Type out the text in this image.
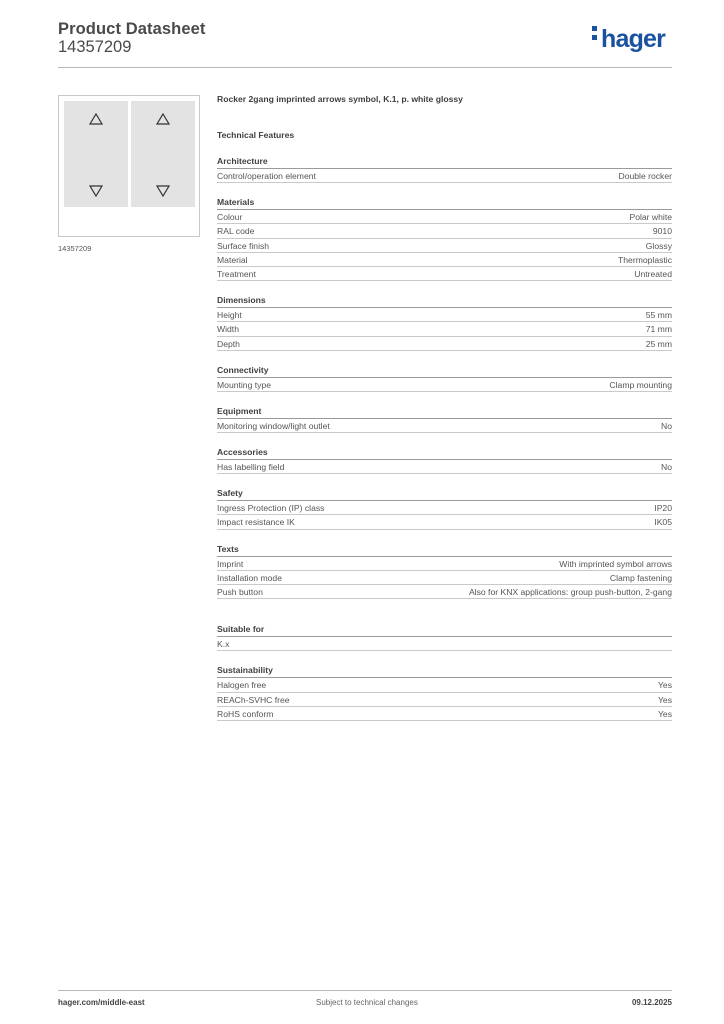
Product Datasheet
14357209	hager
14357209
Rocker 2gang imprinted arrows symbol, K.1, p. white glossy
Technical Features
Architecture
Control/operation element	Double rocker
Materials
Colour	Polar white
RAL code	9010
Surface finish	Glossy
Material	Thermoplastic
Treatment	Untreated
Dimensions
Height	55 mm
Width	71 mm
Depth	25 mm
Connectivity
Mounting type	Clamp mounting
Equipment
Monitoring window/light outlet	No
Accessories
Has labelling field	No
Safety
Ingress Protection (IP) class	IP20
Impact resistance IK	IK05
Texts
Imprint	With imprinted symbol arrows
Installation mode	Clamp fastening
Push button	Also for KNX applications: group push-button, 2-gang
Suitable for
K.x
Sustainability
Halogen free	Yes
REACh-SVHC free	Yes
RoHS conform	Yes
hager.com/middle-east	Subject to technical changes	09.12.2025
